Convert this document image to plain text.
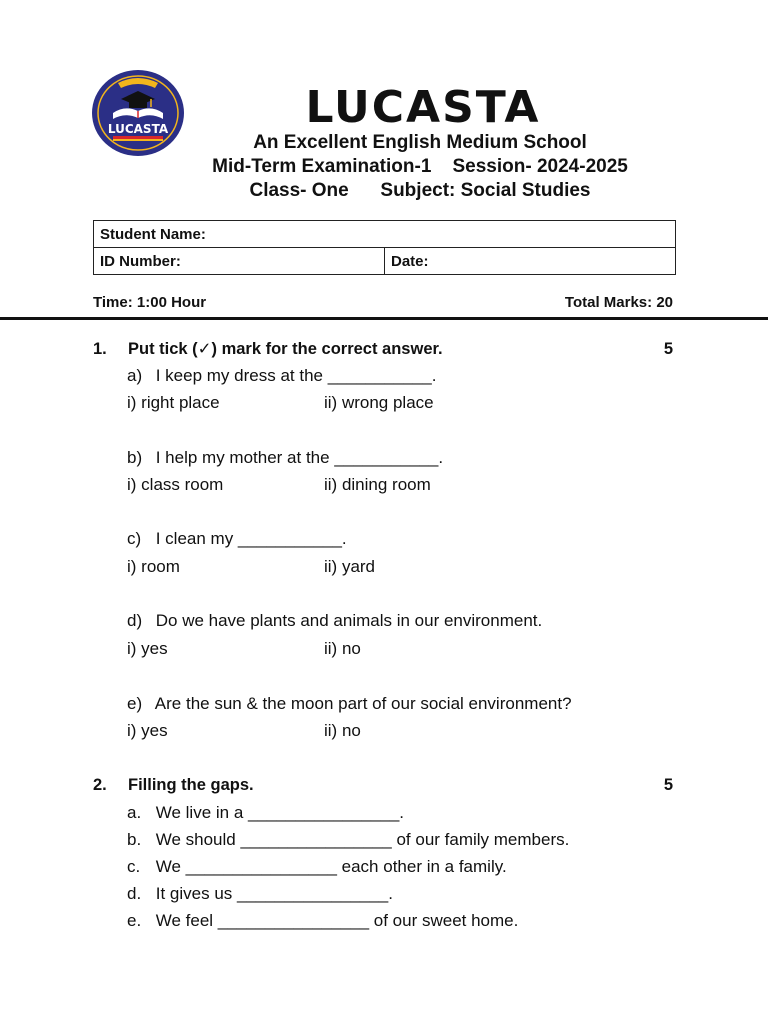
LUCASTA	LUCASTA
An Excellent English Medium School
Mid-Term Examination-1    Session- 2024-2025
Class- One      Subject: Social Studies
Student Name:
ID Number:	Date:
Time: 1:00 Hour	Total Marks: 20
1. Put tick (✓) mark for the correct answer.	5
a) I keep my dress at the ___________.
i) right place	ii) wrong place
b) I help my mother at the ___________.
i) class room	ii) dining room
c) I clean my ___________.
i) room	ii) yard
d) Do we have plants and animals in our environment.
i) yes	ii) no
e) Are the sun & the moon part of our social environment?
i) yes	ii) no
2. Filling the gaps.	5
a. We live in a ________________.
b. We should ________________ of our family members.
c. We ________________ each other in a family.
d. It gives us ________________.
e. We feel ________________ of our sweet home.
